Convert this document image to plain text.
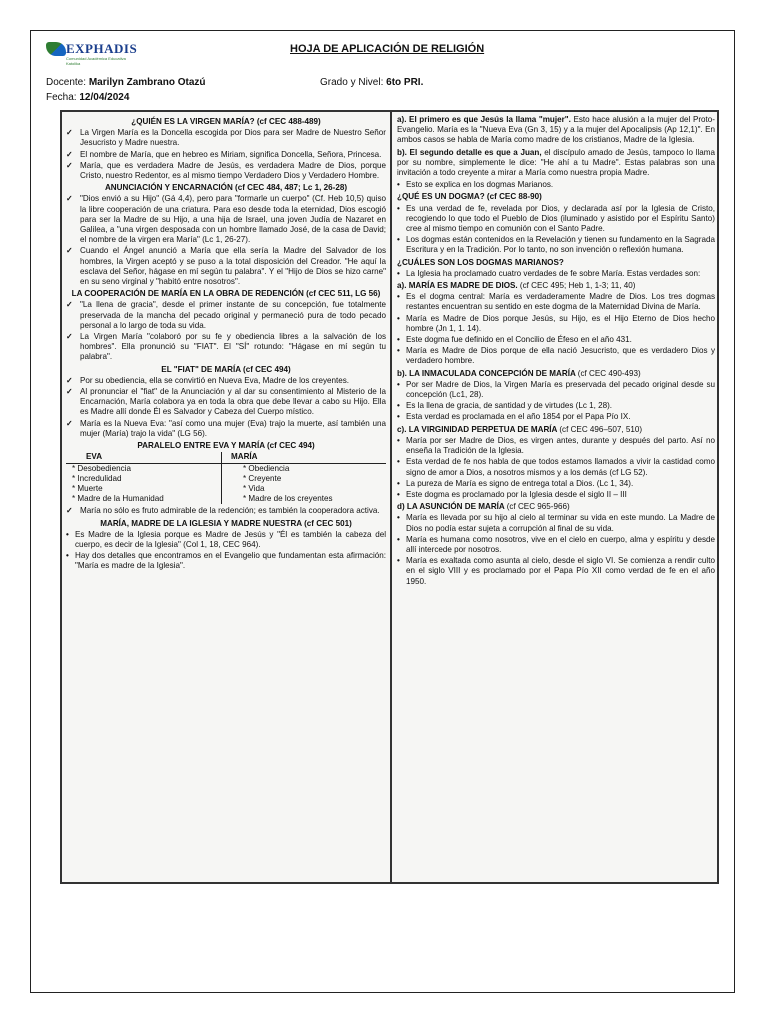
EXPHADIS
Comunidad Académica Educativa Katolika
HOJA DE APLICACIÓN DE RELIGIÓN
Docente: Marilyn Zambrano Otazú	Grado y Nivel: 6to PRI.
Fecha: 12/04/2024
¿QUIÉN ES LA VIRGEN MARÍA? (cf CEC 488-489)
✓ La Virgen María es la Doncella escogida por Dios para ser Madre de Nuestro Señor Jesucristo y Madre nuestra.
✓ El nombre de María, que en hebreo es Miriam, significa Doncella, Señora, Princesa.
✓ María, que es verdadera Madre de Jesús, es verdadera Madre de Dios, porque Cristo, nuestro Redentor, es al mismo tiempo Verdadero Dios y Verdadero Hombre.
ANUNCIACIÓN Y ENCARNACIÓN (cf CEC 484, 487; Lc 1, 26-28)
✓ "Dios envió a su Hijo" (Gá 4,4), pero para "formarle un cuerpo" (Cf. Heb 10,5) quiso la libre cooperación de una criatura. Para eso desde toda la eternidad, Dios escogió para ser la Madre de su Hijo, a una hija de Israel, una joven Judía de Nazaret en Galilea, a "una virgen desposada con un hombre llamado José, de la casa de David; el nombre de la virgen era María" (Lc 1, 26-27).
✓ Cuando el Ángel anunció a María que ella sería la Madre del Salvador de los hombres, la Virgen aceptó y se puso a la total disposición del Creador. "He aquí la esclava del Señor, hágase en mí según tu palabra". Y el "Hijo de Dios se hizo carne" en su seno virginal y "habitó entre nosotros".
LA COOPERACIÓN DE MARÍA EN LA OBRA DE REDENCIÓN (cf CEC 511, LG 56)
✓ "La llena de gracia", desde el primer instante de su concepción, fue totalmente preservada de la mancha del pecado original y permaneció pura de todo pecado personal a lo largo de toda su vida.
✓ La Virgen María "colaboró por su fe y obediencia libres a la salvación de los hombres". Ella pronunció su "FIAT". El "SÍ" rotundo: "Hágase en mí según tu palabra".
EL "FIAT" DE MARÍA (cf CEC 494)
✓ Por su obediencia, ella se convirtió en Nueva Eva, Madre de los creyentes.
✓ Al pronunciar el "fiat" de la Anunciación y al dar su consentimiento al Misterio de la Encarnación, María colabora ya en toda la obra que debe llevar a cabo su Hijo. Ella es Madre allí donde Él es Salvador y Cabeza del Cuerpo místico.
✓ María es la Nueva Eva: "así como una mujer (Eva) trajo la muerte, así también una mujer (María) trajo la vida" (LG 56).
PARALELO ENTRE EVA Y MARÍA (cf CEC 494)
EVA	MARÍA
* Desobediencia	* Obediencia
* Incredulidad	* Creyente
* Muerte	* Vida
* Madre de la Humanidad	* Madre de los creyentes
✓ María no sólo es fruto admirable de la redención; es también la cooperadora activa.
MARÍA, MADRE DE LA IGLESIA Y MADRE NUESTRA (cf CEC 501)
• Es Madre de la Iglesia porque es Madre de Jesús y "Él es también la cabeza del cuerpo, es decir de la Iglesia" (Col 1, 18, CEC 964).
• Hay dos detalles que encontramos en el Evangelio que fundamentan esta afirmación: "María es madre de la Iglesia".

a). El primero es que Jesús la llama "mujer". Esto hace alusión a la mujer del Proto-Evangelio. María es la "Nueva Eva (Gn 3, 15) y a la mujer del Apocalipsis (Ap 12,1)". En ambos casos se habla de María como madre de los cristianos, Madre de la Iglesia.

b). El segundo detalle es que a Juan, el discípulo amado de Jesús, tampoco lo llama por su nombre, simplemente le dice: "He ahí a tu Madre". Estas palabras son una invitación a todo creyente a mirar a María como nuestra propia Madre.

• Esto se explica en los dogmas Marianos.
¿QUÉ ES UN DOGMA? (cf CEC 88-90)
• Es una verdad de fe, revelada por Dios, y declarada así por la Iglesia de Cristo, recogiendo lo que todo el Pueblo de Dios (iluminado y asistido por el Espíritu Santo) cree al mismo tiempo en comunión con el Santo Padre.
• Los dogmas están contenidos en la Revelación y tienen su fundamento en la Sagrada Escritura y en la Tradición. Por lo tanto, no son invención o reflexión humana.
¿CUÁLES SON LOS DOGMAS MARIANOS?
• La Iglesia ha proclamado cuatro verdades de fe sobre María. Estas verdades son:
a). MARÍA ES MADRE DE DIOS. (cf CEC 495; Heb 1, 1-3; 11, 40)
• Es el dogma central: María es verdaderamente Madre de Dios. Los tres dogmas restantes encuentran su sentido en este dogma de la Maternidad Divina de María.
• María es Madre de Dios porque Jesús, su Hijo, es el Hijo Eterno de Dios hecho hombre (Jn 1, 1. 14).
• Este dogma fue definido en el Concilio de Éfeso en el año 431.
• María es Madre de Dios porque de ella nació Jesucristo, que es verdadero Dios y verdadero hombre.
b). LA INMACULADA CONCEPCIÓN DE MARÍA (cf CEC 490-493)
• Por ser Madre de Dios, la Virgen María es preservada del pecado original desde su concepción (Lc1, 28).
• Es la llena de gracia, de santidad y de virtudes (Lc 1, 28).
• Esta verdad es proclamada en el año 1854 por el Papa Pío IX.
c). LA VIRGINIDAD PERPETUA DE MARÍA (cf CEC 496–507, 510)
• María por ser Madre de Dios, es virgen antes, durante y después del parto. Así no enseña la Tradición de la Iglesia.
• Esta verdad de fe nos habla de que todos estamos llamados a vivir la castidad como signo de amor a Dios, a nosotros mismos y a los demás (cf LG 52).
• La pureza de María es signo de entrega total a Dios. (Lc 1, 34).
• Este dogma es proclamado por la Iglesia desde el siglo II – III
d) LA ASUNCIÓN DE MARÍA (cf CEC 965-966)
• María es llevada por su hijo al cielo al terminar su vida en este mundo. La Madre de Dios no podía estar sujeta a corrupción al final de su vida.
• María es humana como nosotros, vive en el cielo en cuerpo, alma y espíritu y desde allí intercede por nosotros.
• María es exaltada como asunta al cielo, desde el siglo VI. Se comienza a rendir culto en el siglo VIII y es proclamado por el Papa Pío XII como verdad de fe en el año 1950.
